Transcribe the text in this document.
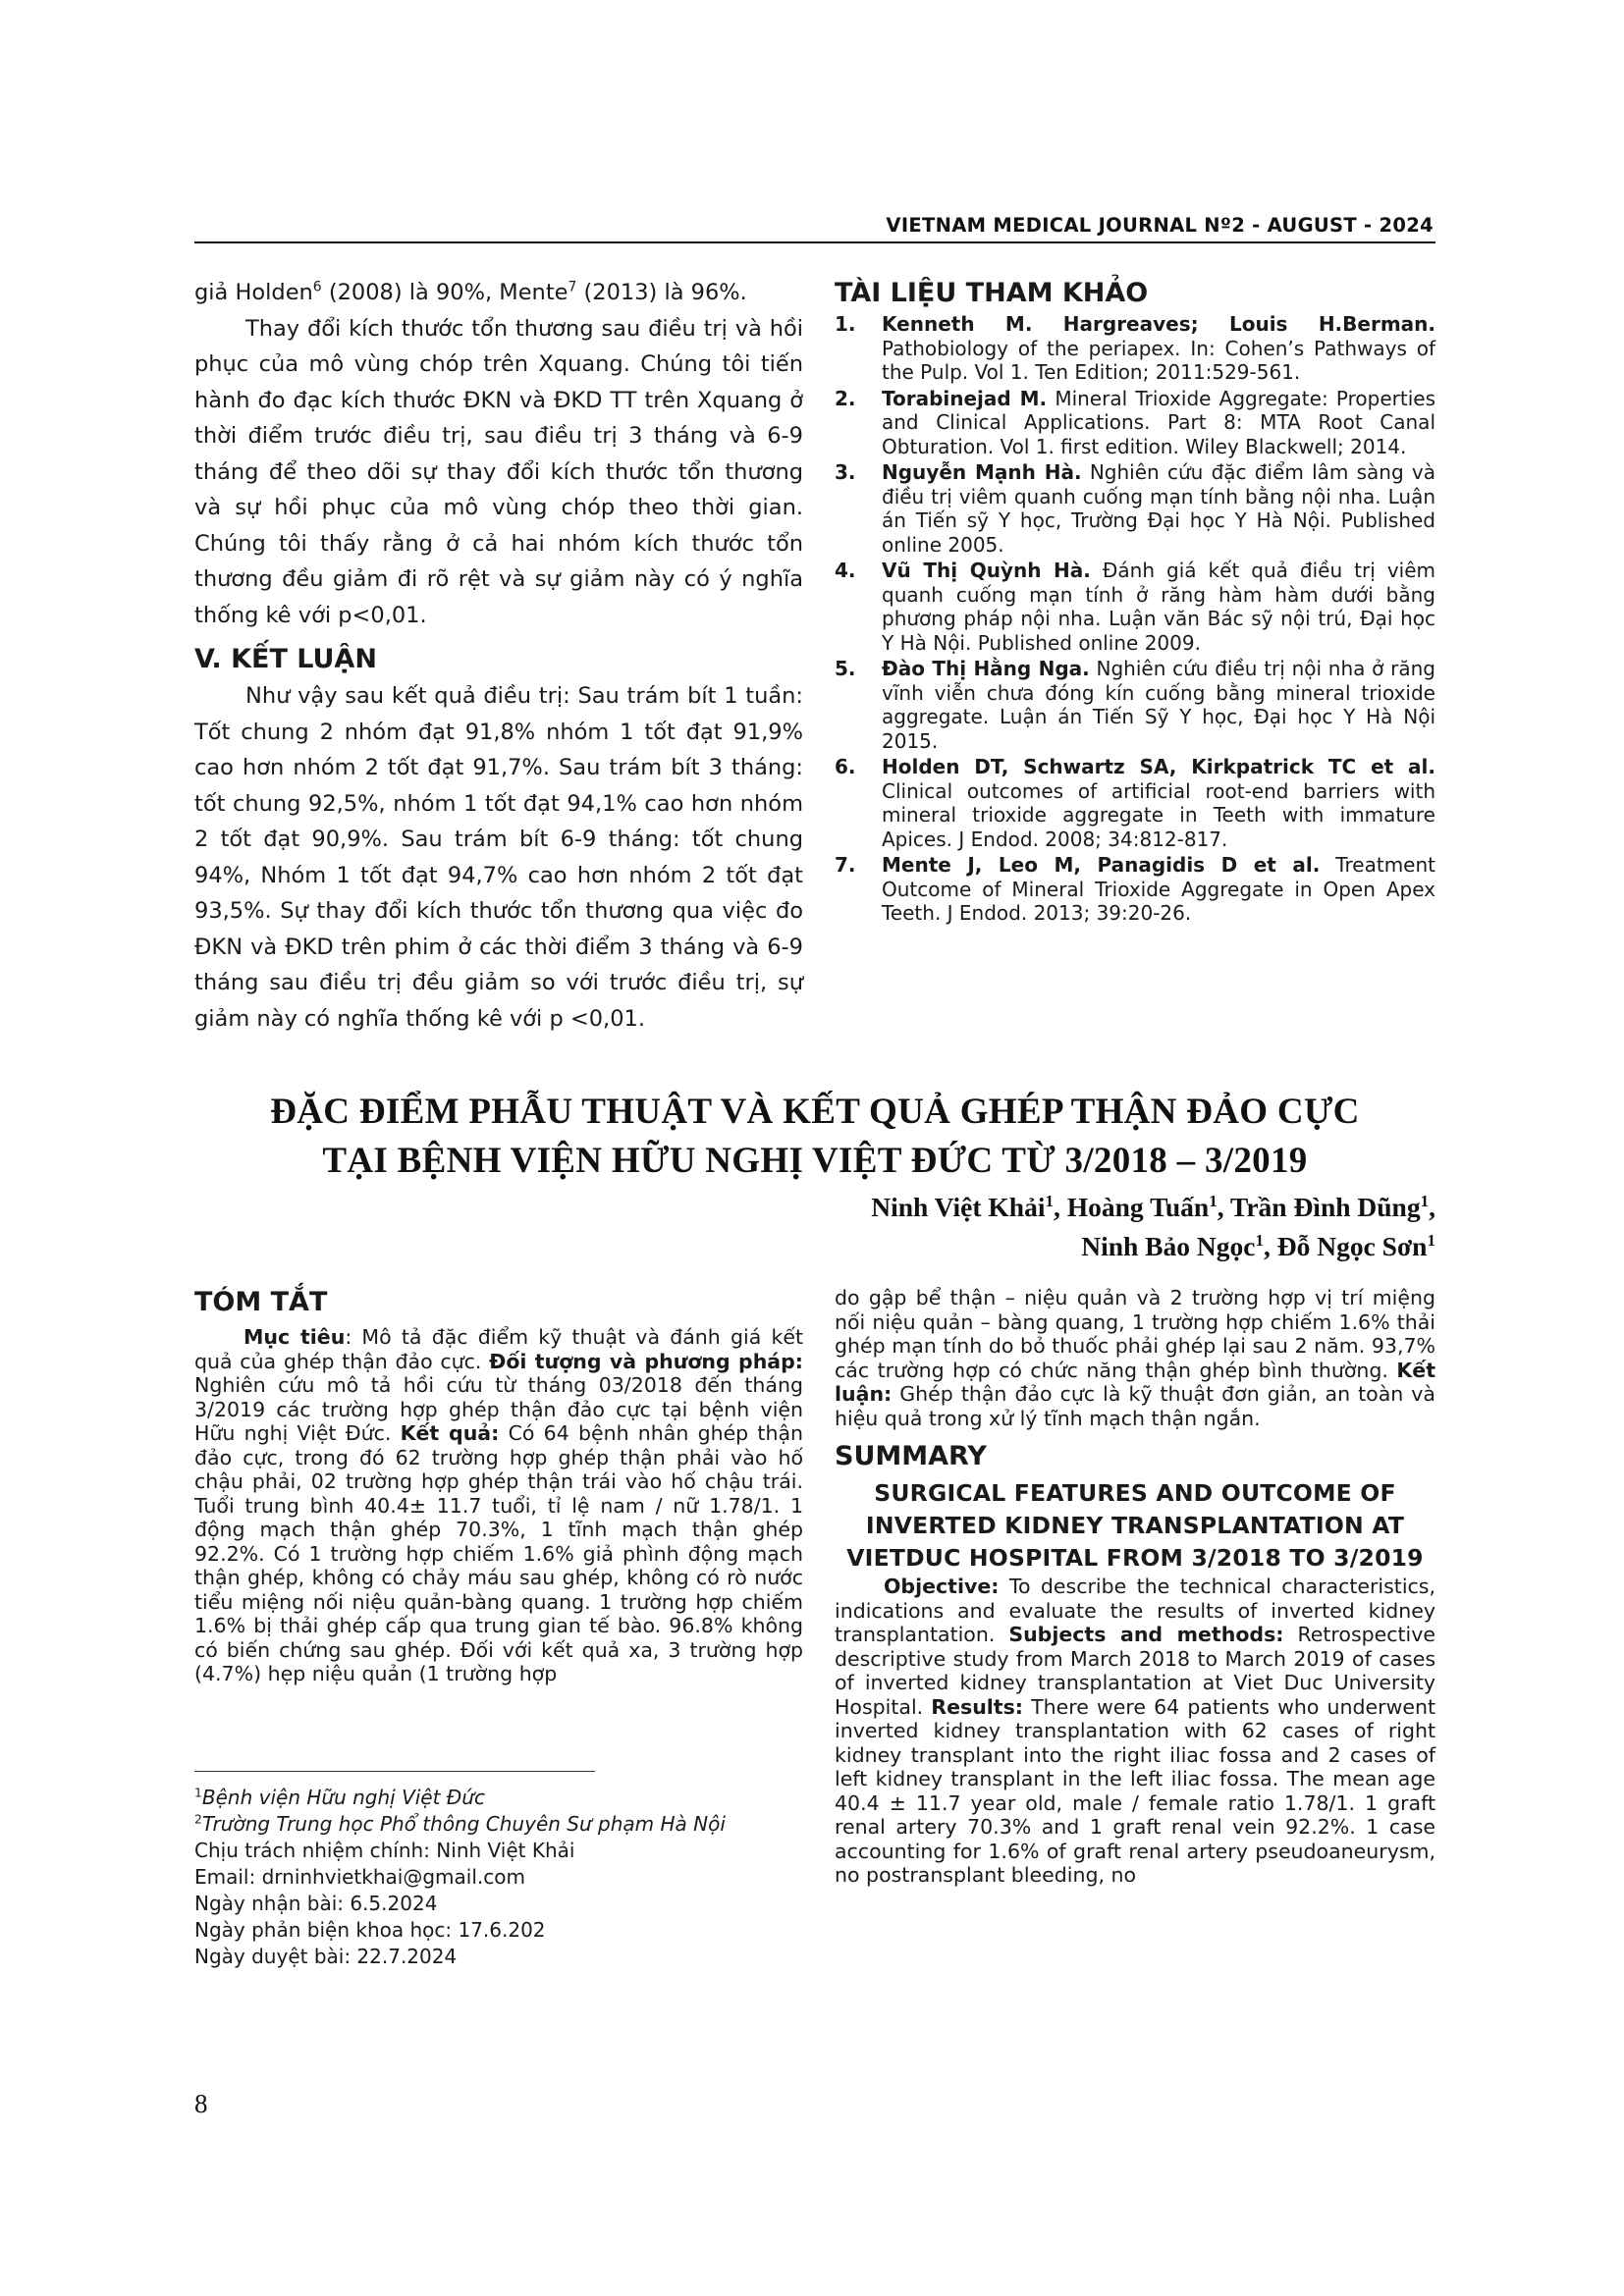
VIETNAM MEDICAL JOURNAL Nº2 - AUGUST - 2024

giả Holden$^6$ (2008) là 90%, Mente$^7$ (2013) là 96%.

Thay đổi kích thước tổn thương sau điều trị và hồi phục của mô vùng chóp trên Xquang. Chúng tôi tiến hành đo đạc kích thước ĐKN và ĐKD TT trên Xquang ở thời điểm trước điều trị, sau điều trị 3 tháng và 6-9 tháng để theo dõi sự thay đổi kích thước tổn thương và sự hồi phục của mô vùng chóp theo thời gian. Chúng tôi thấy rằng ở cả hai nhóm kích thước tổn thương đều giảm đi rõ rệt và sự giảm này có ý nghĩa thống kê với p<0,01.

V. KẾT LUẬN

Như vậy sau kết quả điều trị: Sau trám bít 1 tuần: Tốt chung 2 nhóm đạt 91,8% nhóm 1 tốt đạt 91,9% cao hơn nhóm 2 tốt đạt 91,7%. Sau trám bít 3 tháng: tốt chung 92,5%, nhóm 1 tốt đạt 94,1% cao hơn nhóm 2 tốt đạt 90,9%. Sau trám bít 6-9 tháng: tốt chung 94%, Nhóm 1 tốt đạt 94,7% cao hơn nhóm 2 tốt đạt 93,5%. Sự thay đổi kích thước tổn thương qua việc đo ĐKN và ĐKD trên phim ở các thời điểm 3 tháng và 6-9 tháng sau điều trị đều giảm so với trước điều trị, sự giảm này có nghĩa thống kê với p <0,01.

TÀI LIỆU THAM KHẢO
1.	Kenneth M. Hargreaves; Louis H.Berman. Pathobiology of the periapex. In: Cohen’s Pathways of the Pulp. Vol 1. Ten Edition; 2011:529-561.
2.	Torabinejad M. Mineral Trioxide Aggregate: Properties and Clinical Applications. Part 8: MTA Root Canal Obturation. Vol 1. first edition. Wiley Blackwell; 2014.
3.	Nguyễn Mạnh Hà. Nghiên cứu đặc điểm lâm sàng và điều trị viêm quanh cuống mạn tính bằng nội nha. Luận án Tiến sỹ Y học, Trường Đại học Y Hà Nội. Published online 2005.
4.	Vũ Thị Quỳnh Hà. Đánh giá kết quả điều trị viêm quanh cuống mạn tính ở răng hàm hàm dưới bằng phương pháp nội nha. Luận văn Bác sỹ nội trú, Đại học Y Hà Nội. Published online 2009.
5.	Đào Thị Hằng Nga. Nghiên cứu điều trị nội nha ở răng vĩnh viễn chưa đóng kín cuống bằng mineral trioxide aggregate. Luận án Tiến Sỹ Y học, Đại học Y Hà Nội 2015.
6.	Holden DT, Schwartz SA, Kirkpatrick TC et al. Clinical outcomes of artificial root-end barriers with mineral trioxide aggregate in Teeth with immature Apices. J Endod. 2008; 34:812-817.
7.	Mente J, Leo M, Panagidis D et al. Treatment Outcome of Mineral Trioxide Aggregate in Open Apex Teeth. J Endod. 2013; 39:20-26.
ĐẶC ĐIỂM PHẪU THUẬT VÀ KẾT QUẢ GHÉP THẬN ĐẢO CỰC
TẠI BỆNH VIỆN HỮU NGHỊ VIỆT ĐỨC TỪ 3/2018 – 3/2019
Ninh Việt Khải$^1$, Hoàng Tuấn$^1$, Trần Đình Dũng$^1$,
Ninh Bảo Ngọc$^1$, Đỗ Ngọc Sơn$^1$
TÓM TẮT

Mục tiêu: Mô tả đặc điểm kỹ thuật và đánh giá kết quả của ghép thận đảo cực. Đối tượng và phương pháp: Nghiên cứu mô tả hồi cứu từ tháng 03/2018 đến tháng 3/2019 các trường hợp ghép thận đảo cực tại bệnh viện Hữu nghị Việt Đức. Kết quả: Có 64 bệnh nhân ghép thận đảo cực, trong đó 62 trường hợp ghép thận phải vào hố chậu phải, 02 trường hợp ghép thận trái vào hố chậu trái. Tuổi trung bình 40.4± 11.7 tuổi, tỉ lệ nam / nữ 1.78/1. 1 động mạch thận ghép 70.3%, 1 tĩnh mạch thận ghép 92.2%. Có 1 trường hợp chiếm 1.6% giả phình động mạch thận ghép, không có chảy máu sau ghép, không có rò nước tiểu miệng nối niệu quản-bàng quang. 1 trường hợp chiếm 1.6% bị thải ghép cấp qua trung gian tế bào. 96.8% không có biến chứng sau ghép. Đối với kết quả xa, 3 trường hợp (4.7%) hẹp niệu quản (1 trường hợp

$^1$Bệnh viện Hữu nghị Việt Đức

$^2$Trường Trung học Phổ thông Chuyên Sư phạm Hà Nội

Chịu trách nhiệm chính: Ninh Việt Khải

Email: drninhvietkhai@gmail.com

Ngày nhận bài: 6.5.2024

Ngày phản biện khoa học: 17.6.202

Ngày duyệt bài: 22.7.2024

do gập bể thận – niệu quản và 2 trường hợp vị trí miệng nối niệu quản – bàng quang, 1 trường hợp chiếm 1.6% thải ghép mạn tính do bỏ thuốc phải ghép lại sau 2 năm. 93,7% các trường hợp có chức năng thận ghép bình thường. Kết luận: Ghép thận đảo cực là kỹ thuật đơn giản, an toàn và hiệu quả trong xử lý tĩnh mạch thận ngắn.

SUMMARY
SURGICAL FEATURES AND OUTCOME OF
INVERTED KIDNEY TRANSPLANTATION AT
VIETDUC HOSPITAL FROM 3/2018 TO 3/2019

Objective: To describe the technical characteristics, indications and evaluate the results of inverted kidney transplantation. Subjects and methods: Retrospective descriptive study from March 2018 to March 2019 of cases of inverted kidney transplantation at Viet Duc University Hospital. Results: There were 64 patients who underwent inverted kidney transplantation with 62 cases of right kidney transplant into the right iliac fossa and 2 cases of left kidney transplant in the left iliac fossa. The mean age 40.4 ± 11.7 year old, male / female ratio 1.78/1. 1 graft renal artery 70.3% and 1 graft renal vein 92.2%. 1 case accounting for 1.6% of graft renal artery pseudoaneurysm, no postransplant bleeding, no

8
